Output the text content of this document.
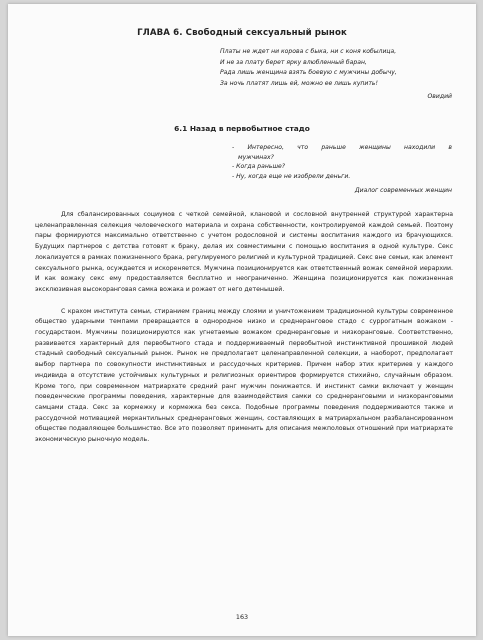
ГЛАВА 6. Свободный сексуальный рынок
Платы не ждет ни корова с быка, ни с коня кобылица,
И не за плату берет ярку влюбленный баран,
Рада лишь женщина взять боевую с мужчины добычу,
За ночь платят лишь ей, можно ее лишь купить!
Овидий
6.1 Назад в первобытное стадо
- Интересно, что раньше женщины находили в
мужчинах?
- Когда раньше?
- Ну, когда еще не изобрели деньги.
Диалог современных женщин

Для сбалансированных социумов с четкой семейной, клановой и сословной внутренней структурой характерна целенаправленная селекция человеческого материала и охрана собственности, контролируемой каждой семьей. Поэтому пары формируются максимально ответственно с учетом родословной и системы воспитания каждого из брачующихся. Будущих партнеров с детства готовят к браку, делая их совместимыми с помощью воспитания в одной культуре. Секс локализуется в рамках пожизненного брака, регулируемого религией и культурной традицией. Секс вне семьи, как элемент сексуального рынка, осуждается и искореняется. Мужчина позиционируется как ответственный вожак семейной иерархии. И как вожаку секс ему предоставляется бесплатно и неограниченно. Женщина позиционируется как пожизненная эксклюзивная высокоранговая самка вожака и рожает от него детенышей.

С крахом института семьи, стиранием границ между слоями и уничтожением традиционной культуры современное общество ударными темпами превращается в однородное низко и среднеранговое стадо с суррогатным вожаком - государством. Мужчины позиционируются как угнетаемые вожаком среднеранговые и низкоранговые. Соответственно, развивается характерный для первобытного стада и поддерживаемый первобытной инстинктивной прошивкой людей стадный свободный сексуальный рынок. Рынок не предполагает целенаправленной селекции, а наоборот, предполагает выбор партнера по совокупности инстинктивных и рассудочных критериев. Причем набор этих критериев у каждого индивида в отсутствие устойчивых культурных и религиозных ориентиров формируется стихийно, случайным образом. Кроме того, при современном матриархате средний ранг мужчин понижается. И инстинкт самки включает у женщин поведенческие программы поведения, характерные для взаимодействия самки со среднеранговыми и низкоранговыми самцами стада. Секс за кормежку и кормежка без секса. Подобные программы поведения поддерживаются также и рассудочной мотивацией меркантильных среднеранговых женщин, составляющих в матриархальном разбалансированном обществе подавляющее большинство. Все это позволяет применить для описания межполовых отношений при матриархате экономическую рыночную модель.

163
